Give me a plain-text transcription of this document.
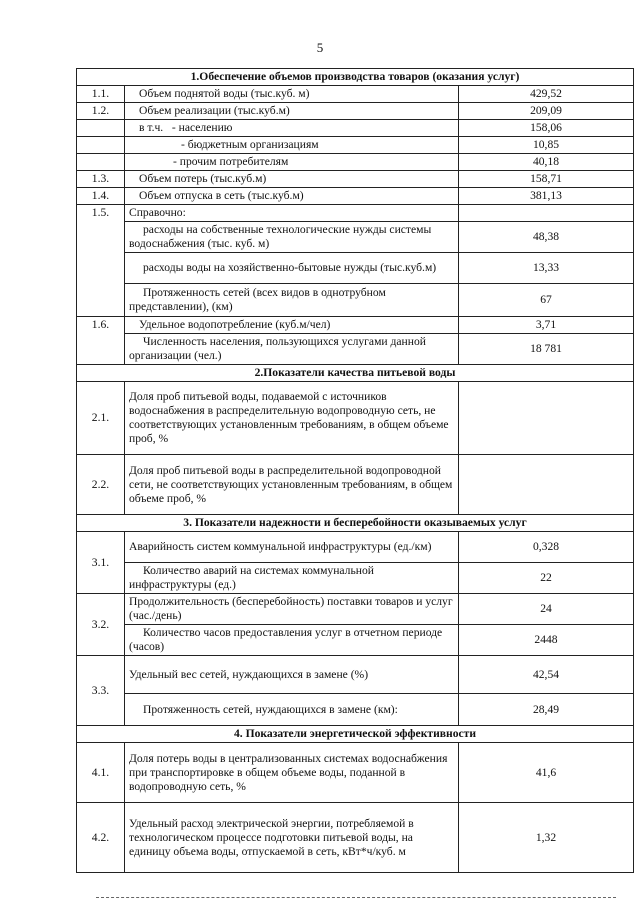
5
1.Обеспечение объемов производства товаров (оказания услуг)		
1.1.	Объем поднятой воды (тыс.куб. м)	429,52
1.2.	Объем реализации (тыс.куб.м)	209,09
	в т.ч.   - населению	158,06
	- бюджетным организациям	10,85
	- прочим потребителям	40,18
1.3.	Объем потерь (тыс.куб.м)	158,71
1.4.	Объем отпуска в сеть (тыс.куб.м)	381,13
1.5.	Справочно:	
	расходы на собственные технологические нужды системы водоснабжения (тыс. куб. м)	48,38
	расходы воды на хозяйственно-бытовые нужды (тыс.куб.м)	13,33
	Протяженность сетей (всех видов в однотрубном представлении), (км)	67
1.6.	Удельное водопотребление (куб.м/чел)	3,71
	Численность населения, пользующихся услугами данной организации (чел.)	18 781
2.Показатели качества питьевой воды		
2.1.	Доля проб питьевой воды, подаваемой с источников водоснабжения в распределительную водопроводную сеть, не соответствующих установленным требованиям, в общем объеме проб, %	
2.2.	Доля проб питьевой воды в распределительной водопроводной сети, не соответствующих установленным требованиям, в общем объеме проб, %	
3. Показатели надежности и бесперебойности оказываемых услуг		
3.1.	Аварийность систем коммунальной инфраструктуры (ед./км)	0,328
	Количество аварий на системах коммунальной инфраструктуры (ед.)	22
3.2.	Продолжительность (бесперебойность) поставки товаров и услуг (час./день)	24
	Количество часов предоставления услуг в отчетном периоде (часов)	2448
3.3.	Удельный вес сетей, нуждающихся в замене (%)	42,54
	Протяженность сетей, нуждающихся в замене (км):	28,49
4. Показатели энергетической эффективности		
4.1.	Доля потерь воды в централизованных системах водоснабжения при транспортировке в общем объеме воды, поданной в водопроводную сеть, %	41,6
4.2.	Удельный расход электрической энергии, потребляемой в технологическом процессе подготовки питьевой воды, на единицу объема воды, отпускаемой в сеть, кВт*ч/куб. м	1,32
